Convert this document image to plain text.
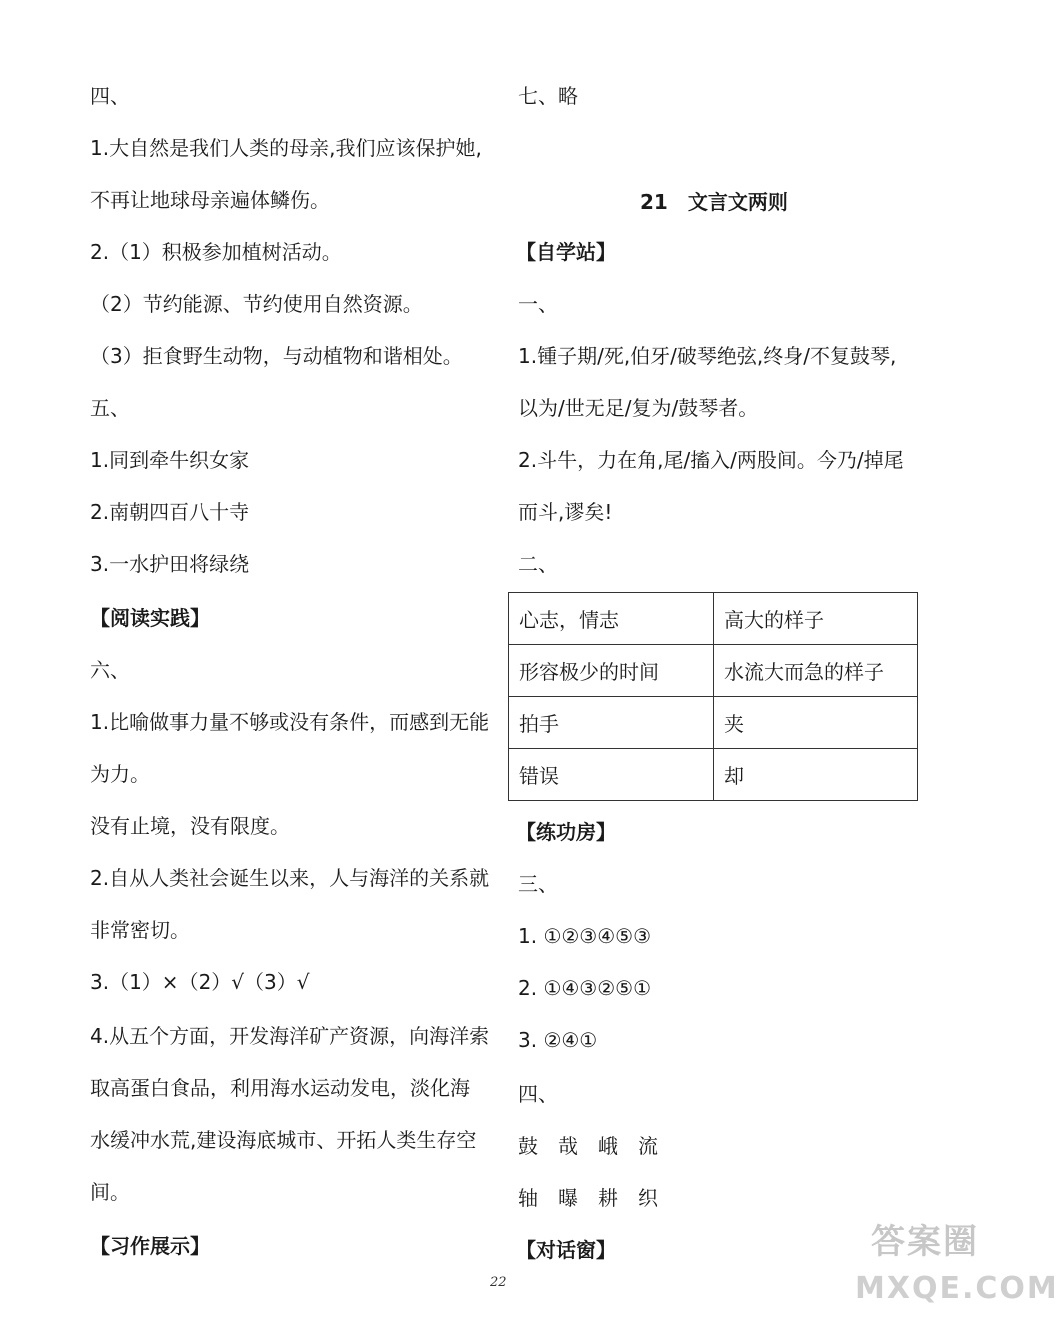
四、
1.大自然是我们人类的母亲,我们应该保护她,
不再让地球母亲遍体鳞伤。
2.（1）积极参加植树活动。
（2）节约能源、节约使用自然资源。
（3）拒食野生动物，与动植物和谐相处。
五、
1.同到牵牛织女家
2.南朝四百八十寺
3.一水护田将绿绕
【阅读实践】
六、
1.比喻做事力量不够或没有条件，而感到无能
为力。
没有止境，没有限度。
2.自从人类社会诞生以来，人与海洋的关系就
非常密切。
3.（1）×（2）√（3）√
4.从五个方面，开发海洋矿产资源，向海洋索
取高蛋白食品，利用海水运动发电，淡化海
水缓冲水荒,建设海底城市、开拓人类生存空
间。
【习作展示】
七、略
21　文言文两则
【自学站】
一、
1.锺子期/死,伯牙/破琴绝弦,终身/不复鼓琴,
以为/世无足/复为/鼓琴者。
2.斗牛，力在角,尾/搐入/两股间。今乃/掉尾
而斗,谬矣!
二、
心志，情志	高大的样子
形容极少的时间	水流大而急的样子
拍手	夹
错误	却
【练功房】
三、
1. ①②③④⑤③
2. ①④③②⑤①
3. ②④①
四、
鼓　哉　峨　流
轴　曝　耕　织
【对话窗】
22
答案圈
MXQE.COM
